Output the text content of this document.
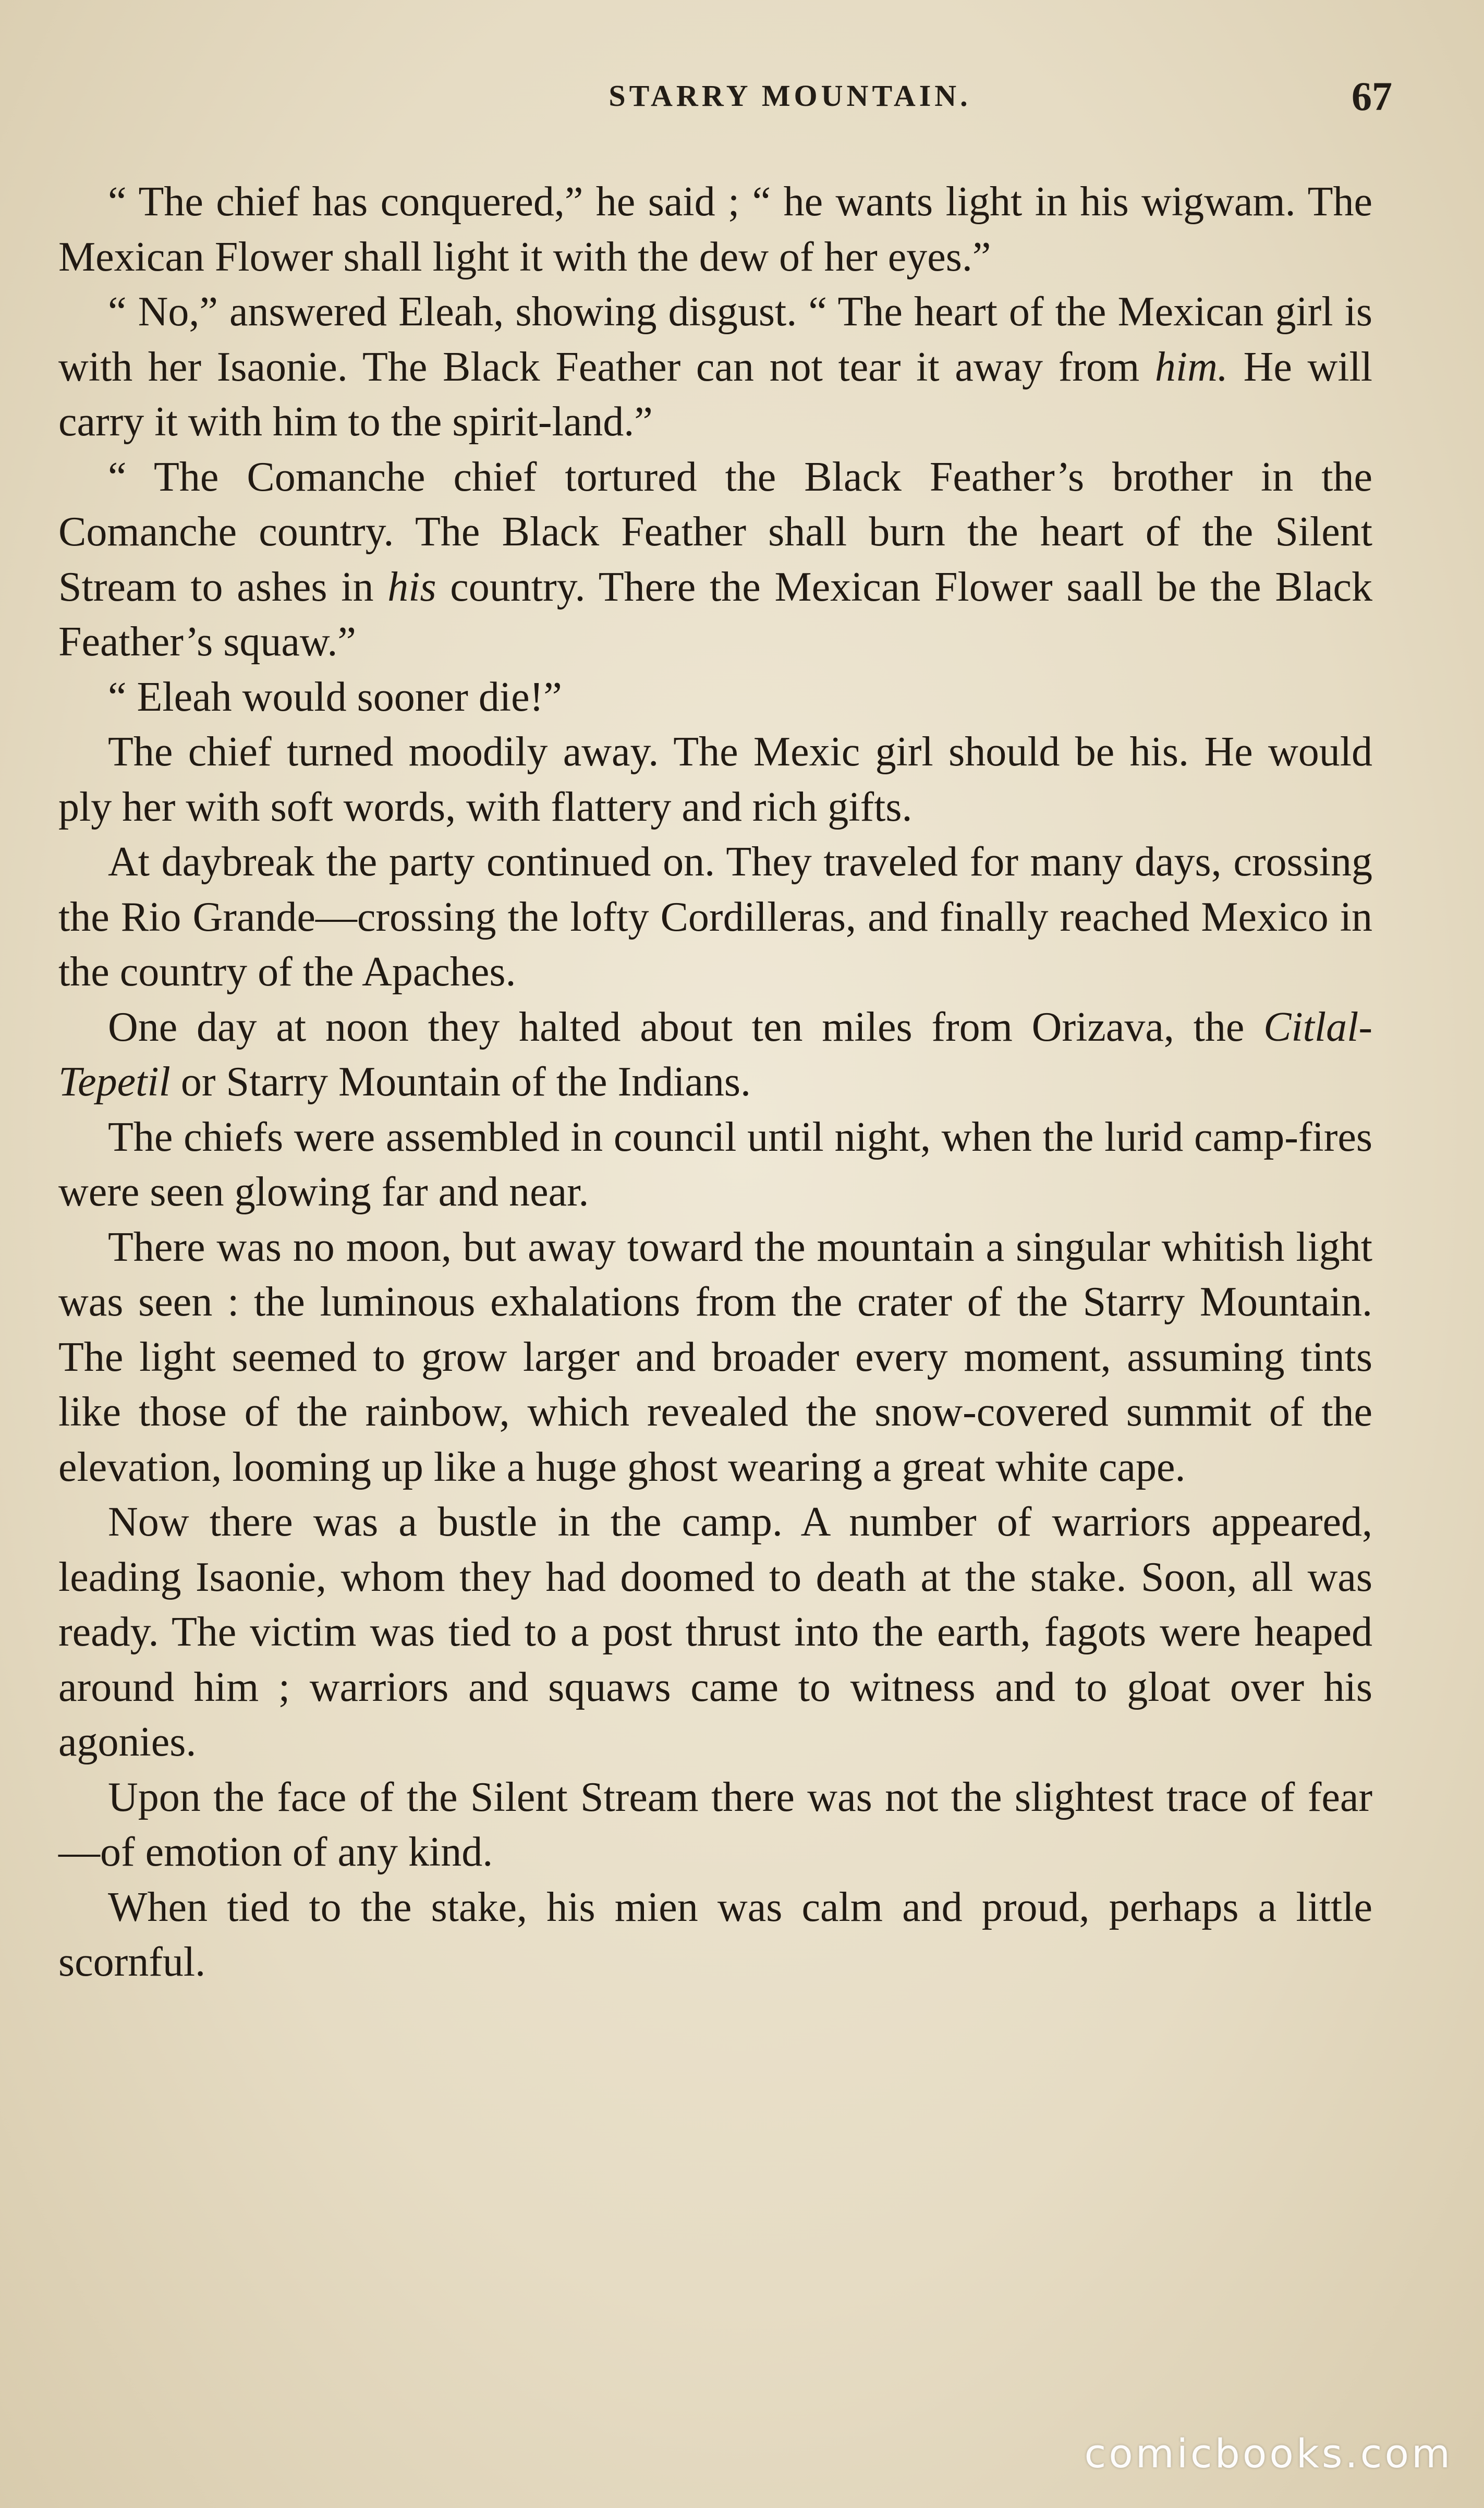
STARRY MOUNTAIN.	67

“ The chief has conquered,” he said ; “ he wants light in his wigwam. The Mexican Flower shall light it with the dew of her eyes.”

“ No,” answered Eleah, showing disgust. “ The heart of the Mexican girl is with her Isaonie. The Black Feather can not tear it away from him. He will carry it with him to the spirit-land.”

“ The Comanche chief tortured the Black Feather’s brother in the Comanche country. The Black Feather shall burn the heart of the Silent Stream to ashes in his country. There the Mexican Flower saall be the Black Feather’s squaw.”

“ Eleah would sooner die!”

The chief turned moodily away. The Mexic girl should be his. He would ply her with soft words, with flattery and rich gifts.

At daybreak the party continued on. They traveled for many days, crossing the Rio Grande—crossing the lofty Cordilleras, and finally reached Mexico in the country of the Apaches.

One day at noon they halted about ten miles from Orizava, the Citlal-Tepetil or Starry Mountain of the Indians.

The chiefs were assembled in council until night, when the lurid camp-fires were seen glowing far and near.

There was no moon, but away toward the mountain a singular whitish light was seen : the luminous exhalations from the crater of the Starry Mountain. The light seemed to grow larger and broader every moment, assuming tints like those of the rainbow, which revealed the snow-covered summit of the elevation, looming up like a huge ghost wearing a great white cape.

Now there was a bustle in the camp. A number of warriors appeared, leading Isaonie, whom they had doomed to death at the stake. Soon, all was ready. The victim was tied to a post thrust into the earth, fagots were heaped around him ; warriors and squaws came to witness and to gloat over his agonies.

Upon the face of the Silent Stream there was not the slightest trace of fear—of emotion of any kind.

When tied to the stake, his mien was calm and proud, perhaps a little scornful.

comicbooks.com
